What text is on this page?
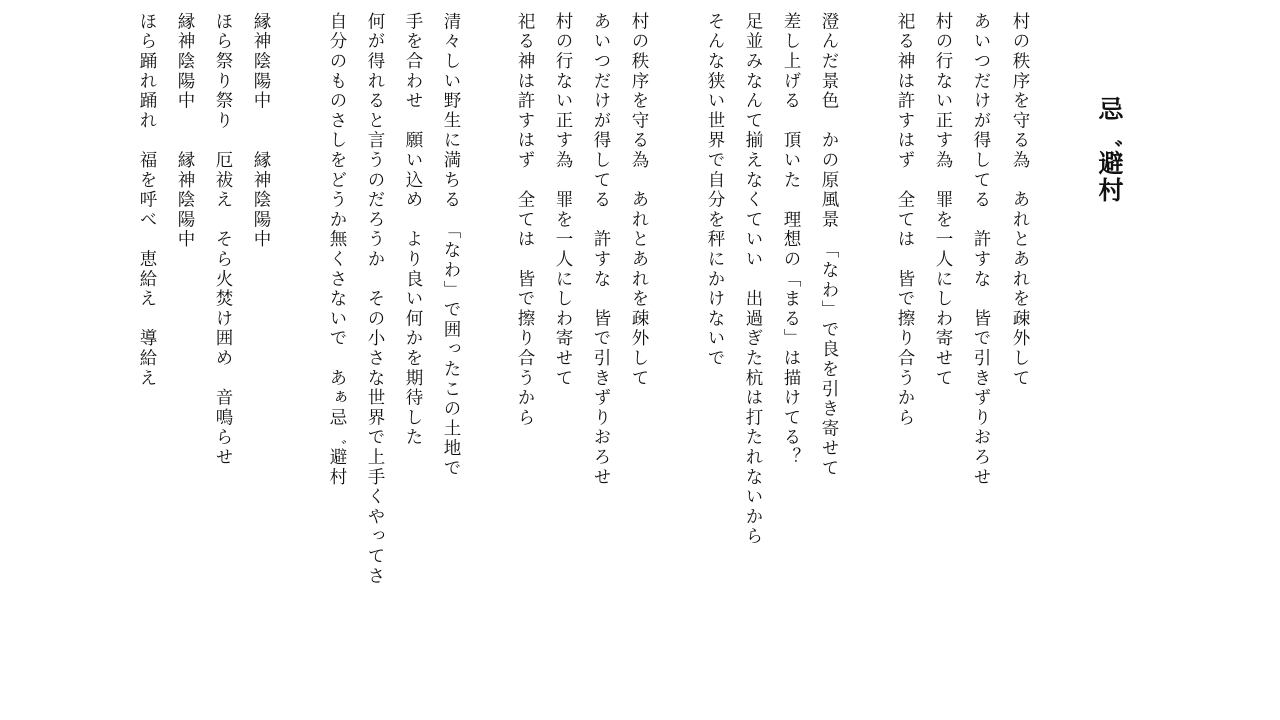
忌゛避村
村の秩序を守る為　あれとあれを疎外して
あいつだけが得してる　許すな　皆で引きずりおろせ
村の行ない正す為　罪を一人にしわ寄せて
祀る神は許すはず　全ては　皆で擦り合うから
澄んだ景色　かの原風景　「なわ」で良を引き寄せて
差し上げる　頂いた　理想の「まる」は描けてる？
足並みなんて揃えなくていい　出過ぎた杭は打たれないから
そんな狭い世界で自分を秤にかけないで
村の秩序を守る為　あれとあれを疎外して
あいつだけが得してる　許すな　皆で引きずりおろせ
村の行ない正す為　罪を一人にしわ寄せて
祀る神は許すはず　全ては　皆で擦り合うから
清々しい野生に満ちる　「なわ」で囲ったこの土地で
手を合わせ　願い込め　より良い何かを期待した
何が得れると言うのだろうか　その小さな世界で上手くやってさ
自分のものさしをどうか無くさないで　あぁ忌゛避村
縁神陰陽中　　縁神陰陽中
ほら祭り祭り　厄祓え　そら火焚け囲め　音鳴らせ
縁神陰陽中　　縁神陰陽中
ほら踊れ踊れ　福を呼べ　恵給え　導給え
